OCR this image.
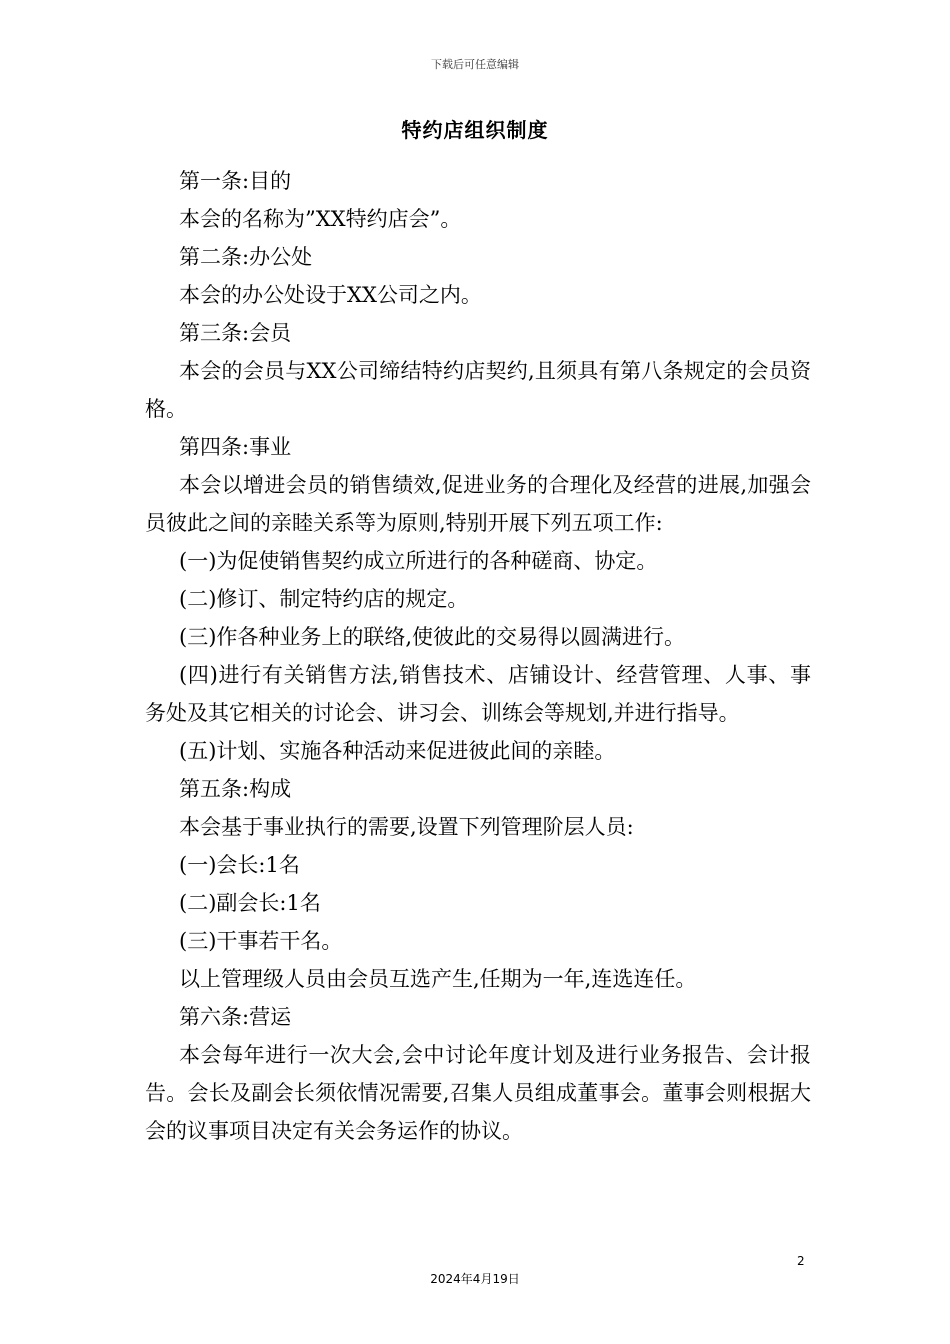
下载后可任意编辑
特约店组织制度

第一条:目的

本会的名称为”XX特约店会”。

第二条:办公处

本会的办公处设于XX公司之内。

第三条:会员

本会的会员与XX公司缔结特约店契约,且须具有第八条规定的会员资格。

第四条:事业

本会以增进会员的销售绩效,促进业务的合理化及经营的进展,加强会员彼此之间的亲睦关系等为原则,特别开展下列五项工作:

(一)为促使销售契约成立所进行的各种磋商、协定。

(二)修订、制定特约店的规定。

(三)作各种业务上的联络,使彼此的交易得以圆满进行。

(四)进行有关销售方法,销售技术、店铺设计、经营管理、人事、事务处及其它相关的讨论会、讲习会、训练会等规划,并进行指导。

(五)计划、实施各种活动来促进彼此间的亲睦。

第五条:构成

本会基于事业执行的需要,设置下列管理阶层人员:

(一)会长:1名

(二)副会长:1名

(三)干事若干名。

以上管理级人员由会员互选产生,任期为一年,连选连任。

第六条:营运

本会每年进行一次大会,会中讨论年度计划及进行业务报告、会计报告。会长及副会长须依情况需要,召集人员组成董事会。董事会则根据大会的议事项目决定有关会务运作的协议。

2
2024年4月19日
